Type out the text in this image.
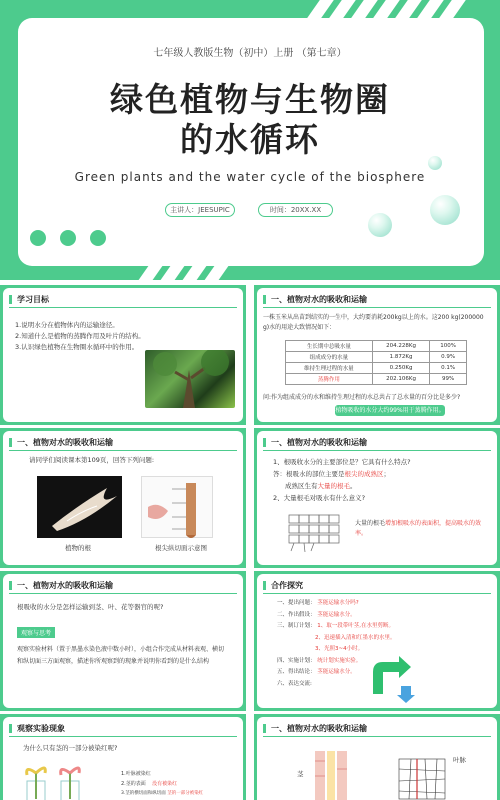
七年级人教版生物（初中）上册 （第七章）
绿色植物与生物圈
的水循环
Green plants and the water cycle of the biosphere
主讲人：JEESUPIC	时间：20XX.XX
学习目标
1.说明水分在植物体内的运输途径。
2.知道什么是植物的蒸腾作用及叶片的结构。
3.认识绿色植物在生物圈水循环中的作用。
一、植物对水的吸收和运输
一株玉米从出苗到结实的一生中，大约要消耗200kg以上的水。这200 kg(200000 g)水的用途大致情况如下：
生长期中总吸水量	204.228Kg	100%
组成成分的水量	1.872Kg	0.9%
维持生理过程的水量	0.250Kg	0.1%
蒸腾作用	202.106Kg	99%
问:作为组成成分的水和维持生理过程的水总共占了总水量的百分比是多少?
植物吸收的水分大约99%用于蒸腾作用。
一、植物对水的吸收和运输
请同学们阅读课本第109页，回答下列问题:
植物的根	根尖纵切面示意图
一、植物对水的吸收和运输
1、根吸收水分的主要部位是？它具有什么特点?
答：根吸水的部位主要是根尖的成熟区；
成熟区生有大量的根毛。
2、大量根毛对吸水有什么意义?
大量的根毛增加根吸水的表面积，提高吸水的效率。
一、植物对水的吸收和运输
根吸收的水分是怎样运输到茎、叶、花等器官的呢?
观察与思考
观察实验材料（置于黑墨水染色液中数小时），小组合作完成从材料表观、横切和纵切面三方面观察，描述你所观察到的现象并说明你看到的是什么结构
合作探究
一、提出问题： 茎能运输水分吗?
二、作出假设： 茎能运输水分。
三、制订计划： 1、取一段带叶茎,在水里剪断。
2、迅速插入清和红墨水的水里。
3、光照3~4小时。
四、实施计划： 统计划实施实验。
五、得出结论： 茎能运输水分。
六、表达交流:
观察实验现象
为什么只有茎的一部分被染红呢?
1.叶脉被染红
2.茎的表面 没有被染红
3.茎的横切面和纵切面 茎的一部分被染红
一、植物对水的吸收和运输
茎
叶脉
